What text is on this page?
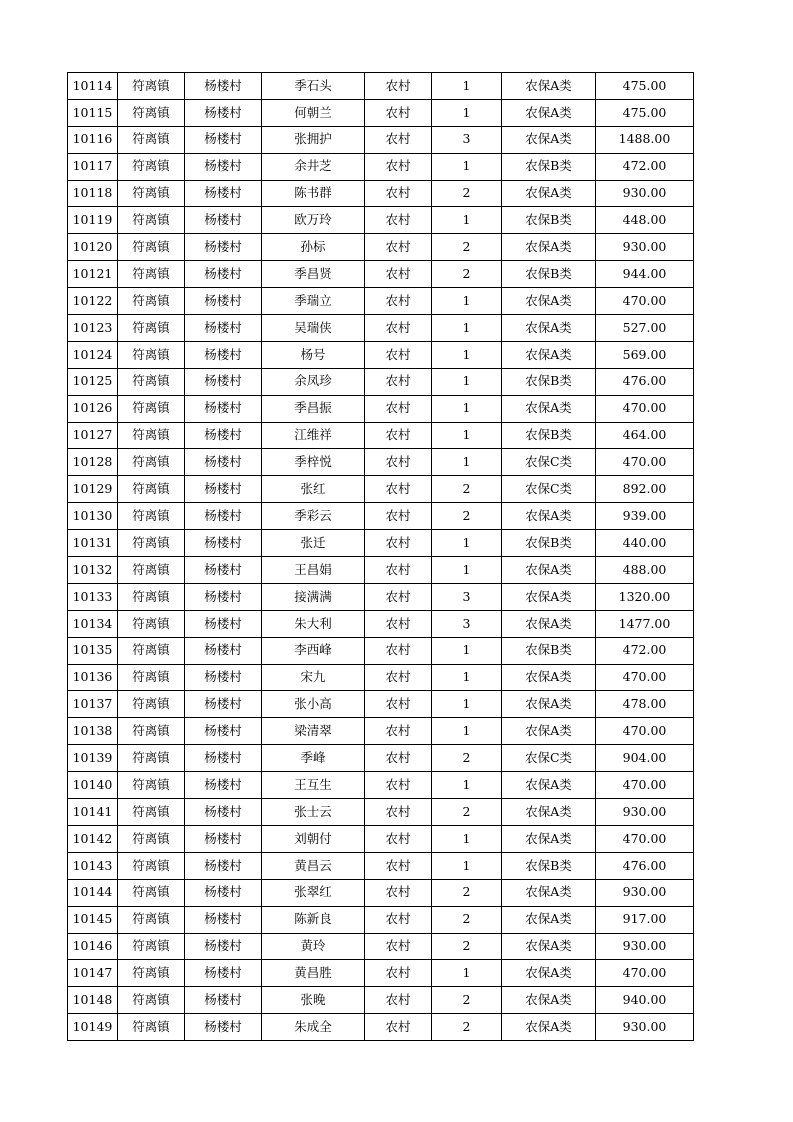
10114	符离镇	杨楼村	季石头	农村	1	农保A类	475.00
10115	符离镇	杨楼村	何朝兰	农村	1	农保A类	475.00
10116	符离镇	杨楼村	张拥护	农村	3	农保A类	1488.00
10117	符离镇	杨楼村	余井芝	农村	1	农保B类	472.00
10118	符离镇	杨楼村	陈书群	农村	2	农保A类	930.00
10119	符离镇	杨楼村	欧万玲	农村	1	农保B类	448.00
10120	符离镇	杨楼村	孙标	农村	2	农保A类	930.00
10121	符离镇	杨楼村	季昌贤	农村	2	农保B类	944.00
10122	符离镇	杨楼村	季瑞立	农村	1	农保A类	470.00
10123	符离镇	杨楼村	吴瑞侠	农村	1	农保A类	527.00
10124	符离镇	杨楼村	杨号	农村	1	农保A类	569.00
10125	符离镇	杨楼村	余凤珍	农村	1	农保B类	476.00
10126	符离镇	杨楼村	季昌振	农村	1	农保A类	470.00
10127	符离镇	杨楼村	江维祥	农村	1	农保B类	464.00
10128	符离镇	杨楼村	季梓悦	农村	1	农保C类	470.00
10129	符离镇	杨楼村	张红	农村	2	农保C类	892.00
10130	符离镇	杨楼村	季彩云	农村	2	农保A类	939.00
10131	符离镇	杨楼村	张迁	农村	1	农保B类	440.00
10132	符离镇	杨楼村	王昌娟	农村	1	农保A类	488.00
10133	符离镇	杨楼村	接满满	农村	3	农保A类	1320.00
10134	符离镇	杨楼村	朱大利	农村	3	农保A类	1477.00
10135	符离镇	杨楼村	李西峰	农村	1	农保B类	472.00
10136	符离镇	杨楼村	宋九	农村	1	农保A类	470.00
10137	符离镇	杨楼村	张小高	农村	1	农保A类	478.00
10138	符离镇	杨楼村	梁清翠	农村	1	农保A类	470.00
10139	符离镇	杨楼村	季峰	农村	2	农保C类	904.00
10140	符离镇	杨楼村	王互生	农村	1	农保A类	470.00
10141	符离镇	杨楼村	张士云	农村	2	农保A类	930.00
10142	符离镇	杨楼村	刘朝付	农村	1	农保A类	470.00
10143	符离镇	杨楼村	黄昌云	农村	1	农保B类	476.00
10144	符离镇	杨楼村	张翠红	农村	2	农保A类	930.00
10145	符离镇	杨楼村	陈新良	农村	2	农保A类	917.00
10146	符离镇	杨楼村	黄玲	农村	2	农保A类	930.00
10147	符离镇	杨楼村	黄昌胜	农村	1	农保A类	470.00
10148	符离镇	杨楼村	张晚	农村	2	农保A类	940.00
10149	符离镇	杨楼村	朱成全	农村	2	农保A类	930.00
